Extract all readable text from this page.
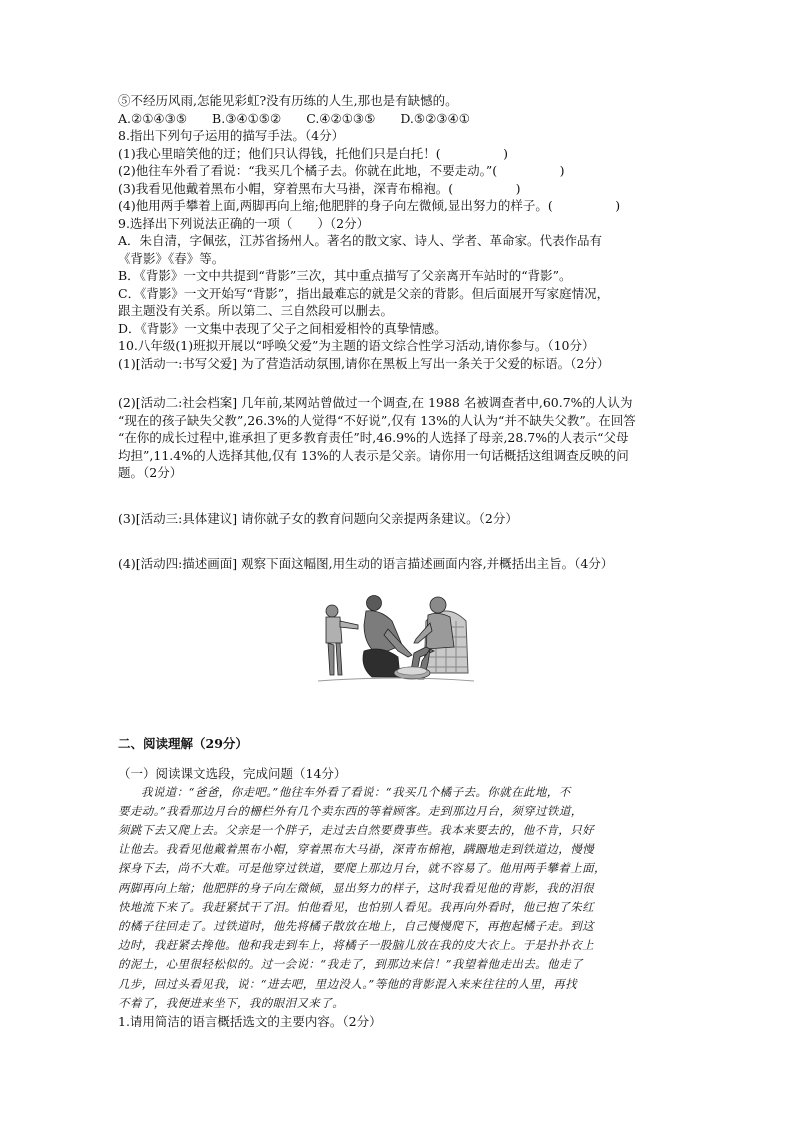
⑤不经历风雨,怎能见彩虹?没有历练的人生,那也是有缺憾的。

A.②①④③⑤　　B.③④①⑤②　　C.④②①③⑤　　D.⑤②③④①

8.指出下列句子运用的描写手法。（4分）

(1)我心里暗笑他的迂；他们只认得钱，托他们只是白托！(　　　　　)

(2)他往车外看了看说：“我买几个橘子去。你就在此地，不要走动。”(　　　　　)

(3)我看见他戴着黑布小帽，穿着黑布大马褂，深青布棉袍。(　　　　　)

(4)他用两手攀着上面,两脚再向上缩;他肥胖的身子向左微倾,显出努力的样子。(　　　　　)

9.选择出下列说法正确的一项（　　）（2分）

A．朱自清，字佩弦，江苏省扬州人。著名的散文家、诗人、学者、革命家。代表作品有

《背影》《春》等。

B．《背影》一文中共提到“背影”三次，其中重点描写了父亲离开车站时的“背影”。

C．《背影》一文开始写“背影”，指出最难忘的就是父亲的背影。但后面展开写家庭情况，

跟主题没有关系。所以第二、三自然段可以删去。

D．《背影》一文集中表现了父子之间相爱相怜的真挚情感。

10.八年级(1)班拟开展以“呼唤父爱”为主题的语文综合性学习活动,请你参与。（10分）

(1)[活动一:书写父爱] 为了营造活动氛围,请你在黑板上写出一条关于父爱的标语。（2分）

(2)[活动二:社会档案] 几年前,某网站曾做过一个调查,在 1988 名被调查者中,60.7%的人认为

“现在的孩子缺失父教”,26.3%的人觉得“不好说”,仅有 13%的人认为“并不缺失父教”。在回答

“在你的成长过程中,谁承担了更多教育责任”时,46.9%的人选择了母亲,28.7%的人表示“父母

均担”,11.4%的人选择其他,仅有 13%的人表示是父亲。请你用一句话概括这组调查反映的问

题。（2分）

(3)[活动三:具体建议] 请你就子女的教育问题向父亲提两条建议。（2分）

(4)[活动四:描述画面] 观察下面这幅图,用生动的语言描述画面内容,并概括出主旨。（4分）

二、阅读理解（29分）

（一）阅读课文选段，完成问题（14分）

我说道：“爸爸，你走吧。”他往车外看了看说：“我买几个橘子去。你就在此地，不

要走动。”我看那边月台的栅栏外有几个卖东西的等着顾客。走到那边月台，须穿过铁道，

须跳下去又爬上去。父亲是一个胖子，走过去自然要费事些。我本来要去的，他不肯，只好

让他去。我看见他戴着黑布小帽，穿着黑布大马褂，深青布棉袍，蹒跚地走到铁道边，慢慢

探身下去，尚不大难。可是他穿过铁道，要爬上那边月台，就不容易了。他用两手攀着上面，

两脚再向上缩；他肥胖的身子向左微倾，显出努力的样子，这时我看见他的背影，我的泪很

快地流下来了。我赶紧拭干了泪。怕他看见，也怕别人看见。我再向外看时，他已抱了朱红

的橘子往回走了。过铁道时，他先将橘子散放在地上，自己慢慢爬下，再抱起橘子走。到这

边时，我赶紧去搀他。他和我走到车上，将橘子一股脑儿放在我的皮大衣上。于是扑扑衣上

的泥土，心里很轻松似的。过一会说：“我走了，到那边来信！”我望着他走出去。他走了

几步，回过头看见我，说：“进去吧，里边没人。”等他的背影混入来来往往的人里，再找

不着了，我便进来坐下，我的眼泪又来了。

1.请用简洁的语言概括选文的主要内容。（2分）
